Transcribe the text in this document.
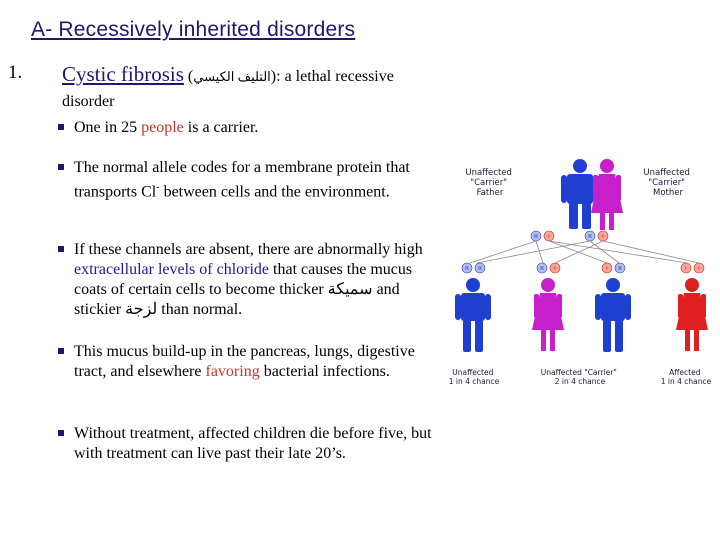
A- Recessively inherited disorders
1. Cystic fibrosis (التليف الكيسي): a lethal recessive disorder
One in 25 people is a carrier.
The normal allele codes for a membrane protein that transports Cl- between cells and the environment.
If these channels are absent, there are abnormally high extracellular levels of chloride that causes the mucus coats of certain cells to become thicker سميكة and stickier لزجة than normal.
This mucus build-up in the pancreas, lungs, digestive tract, and elsewhere favoring bacterial infections.
Without treatment, affected children die before five, but with treatment can live past their late 20’s.
Unaffected "Carrier" Father
Unaffected "Carrier" Mother
R r	R r
R R	R r	r R	r r
Unaffected 1 in 4 chance
Unaffected "Carrier" 2 in 4 chance
Affected 1 in 4 chance
